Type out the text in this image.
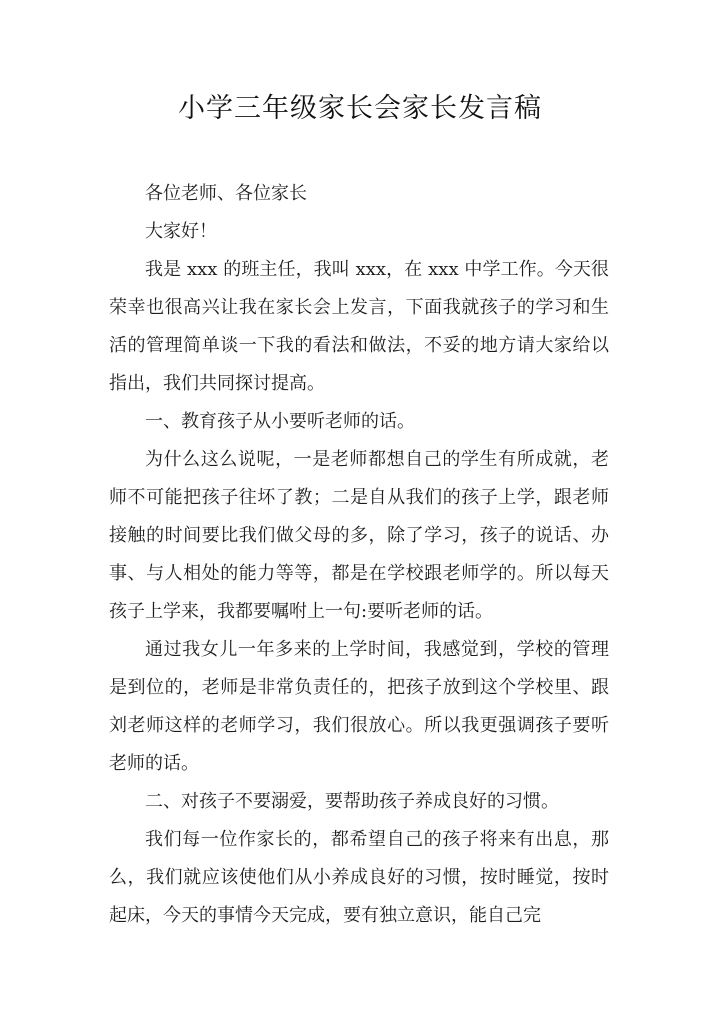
小学三年级家长会家长发言稿

各位老师、各位家长

大家好！

我是 xxx 的班主任，我叫 xxx，在 xxx 中学工作。今天很荣幸也很高兴让我在家长会上发言，下面我就孩子的学习和生活的管理简单谈一下我的看法和做法，不妥的地方请大家给以指出，我们共同探讨提高。

一、教育孩子从小要听老师的话。

为什么这么说呢，一是老师都想自己的学生有所成就，老师不可能把孩子往坏了教；二是自从我们的孩子上学，跟老师接触的时间要比我们做父母的多，除了学习，孩子的说话、办事、与人相处的能力等等，都是在学校跟老师学的。所以每天孩子上学来，我都要嘱咐上一句:要听老师的话。

通过我女儿一年多来的上学时间，我感觉到，学校的管理是到位的，老师是非常负责任的，把孩子放到这个学校里、跟刘老师这样的老师学习，我们很放心。所以我更强调孩子要听老师的话。

二、对孩子不要溺爱，要帮助孩子养成良好的习惯。

我们每一位作家长的，都希望自己的孩子将来有出息，那么，我们就应该使他们从小养成良好的习惯，按时睡觉，按时起床，今天的事情今天完成，要有独立意识，能自己完
